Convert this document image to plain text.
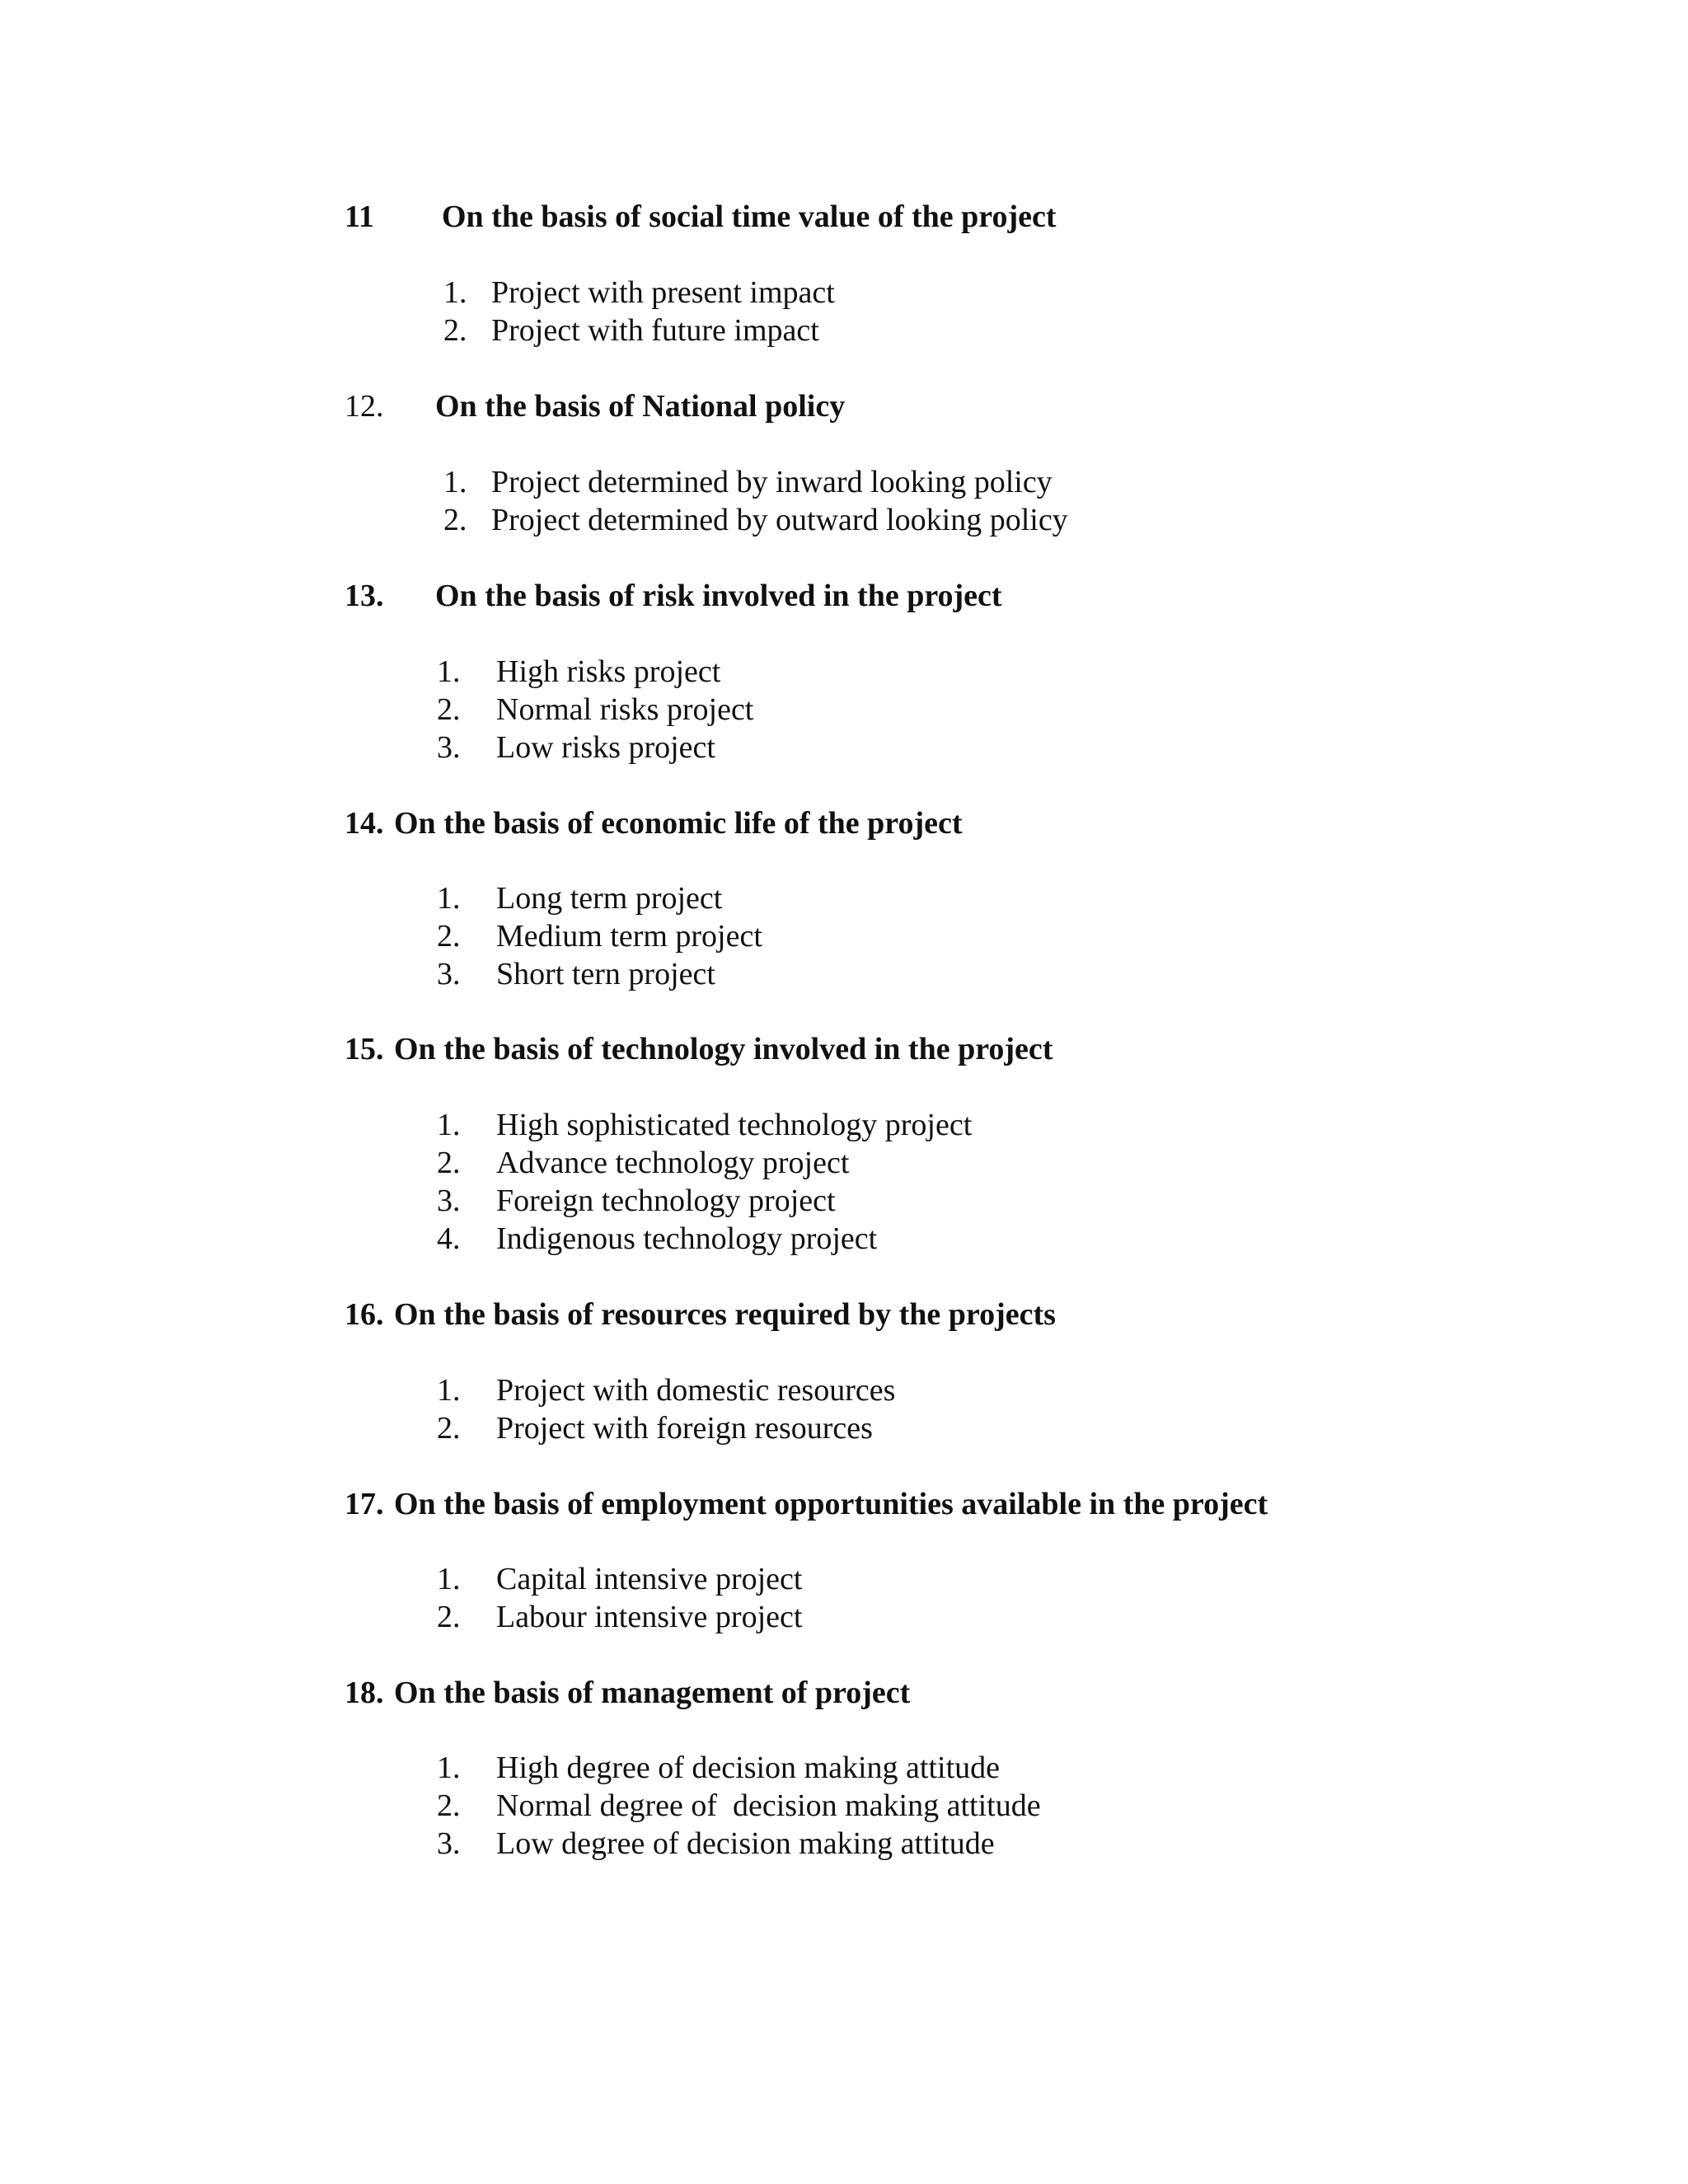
11 On the basis of social time value of the project
1. Project with present impact
2. Project with future impact
12. On the basis of National policy
1. Project determined by inward looking policy
2. Project determined by outward looking policy
13. On the basis of risk involved in the project
1. High risks project
2. Normal risks project
3. Low risks project
14. On the basis of economic life of the project
1. Long term project
2. Medium term project
3. Short tern project
15. On the basis of technology involved in the project
1. High sophisticated technology project
2. Advance technology project
3. Foreign technology project
4. Indigenous technology project
16. On the basis of resources required by the projects
1. Project with domestic resources
2. Project with foreign resources
17. On the basis of employment opportunities available in the project
1. Capital intensive project
2. Labour intensive project
18. On the basis of management of project
1. High degree of decision making attitude
2. Normal degree of  decision making attitude
3. Low degree of decision making attitude
